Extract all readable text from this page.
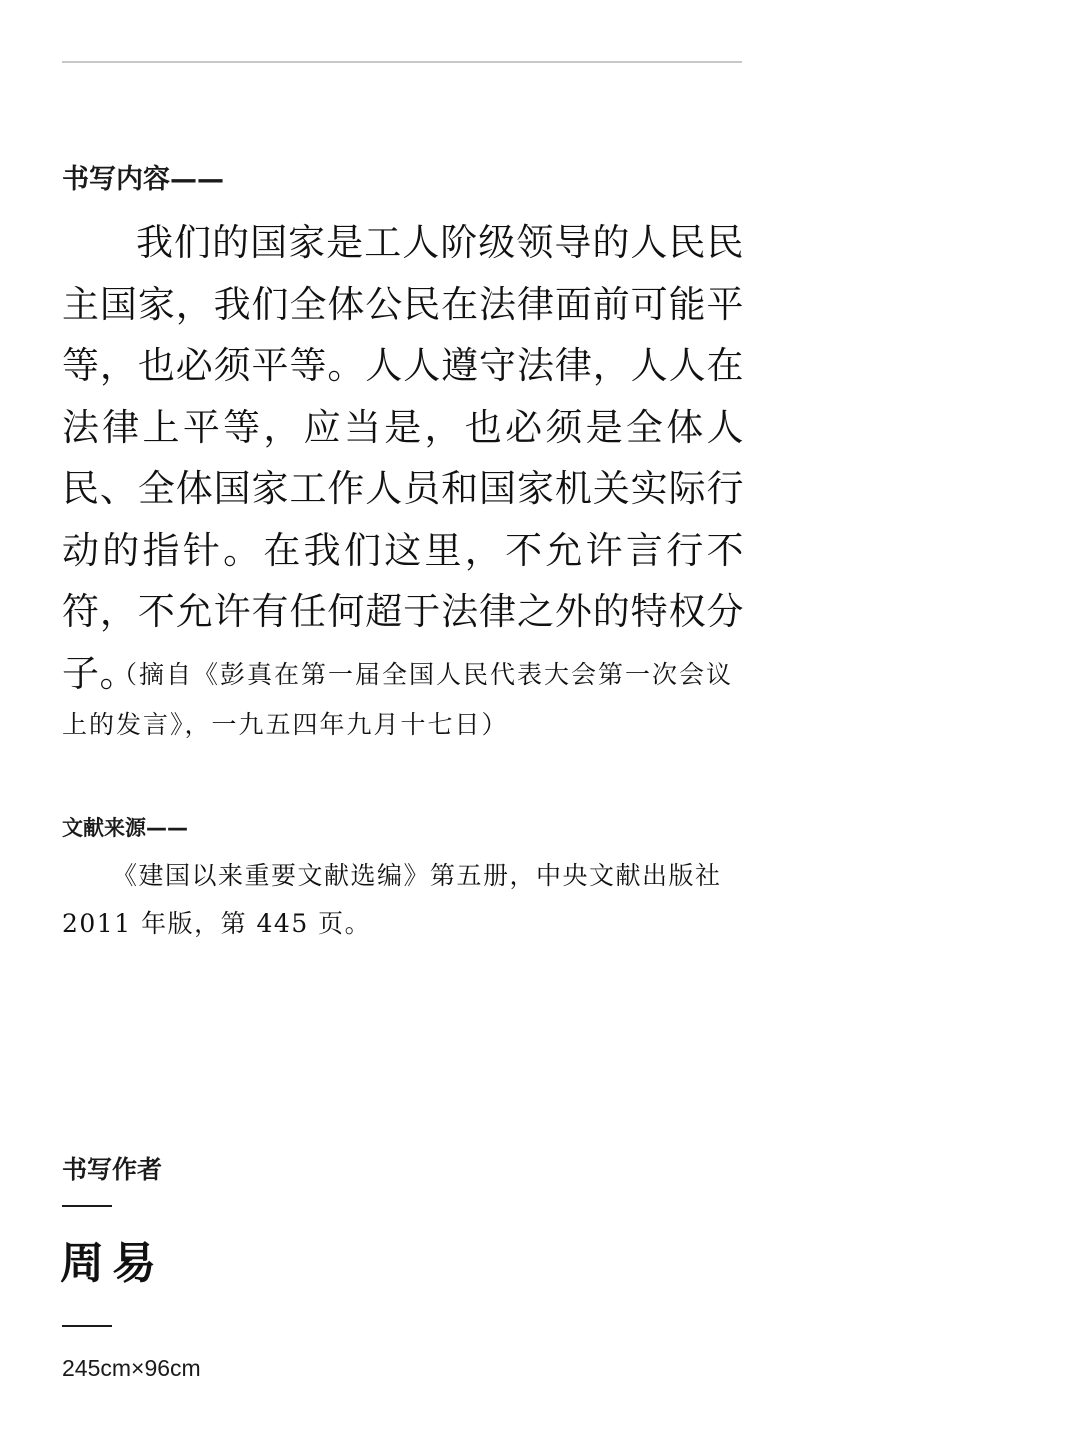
书写内容——

我们的国家是工人阶级领导的人民民主国家，我们全体公民在法律面前可能平等，也必须平等。人人遵守法律，人人在法律上平等，应当是，也必须是全体人民、全体国家工作人员和国家机关实际行动的指针。在我们这里，不允许言行不符，不允许有任何超于法律之外的特权分子。

（摘自《彭真在第一届全国人民代表大会第一次会议上的发言》，一九五四年九月十七日）

文献来源——

《建国以来重要文献选编》第五册，中央文献出版社 2011 年版，第 445 页。

书写作者
周易
245cm×96cm
